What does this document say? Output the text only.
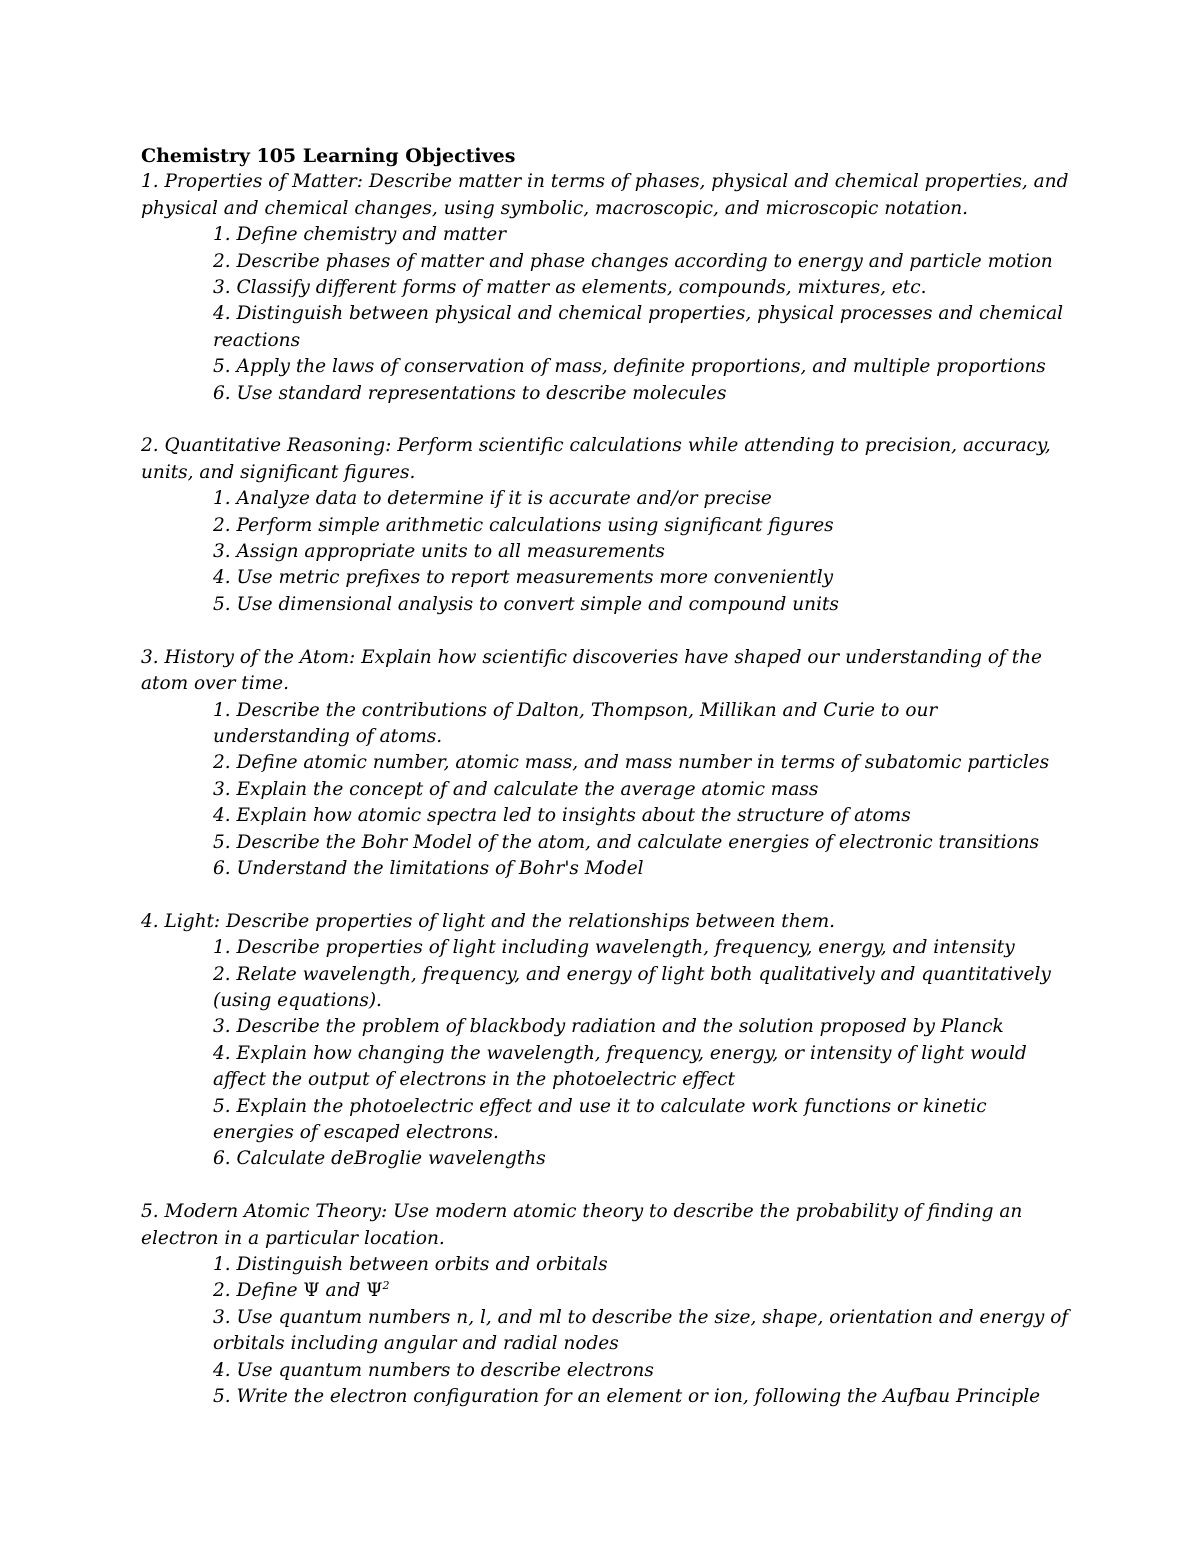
Chemistry 105 Learning Objectives
1. Properties of Matter: Describe matter in terms of phases, physical and chemical properties, and physical and chemical changes, using symbolic, macroscopic, and microscopic notation.
1. Define chemistry and matter
2. Describe phases of matter and phase changes according to energy and particle motion
3. Classify different forms of matter as elements, compounds, mixtures, etc.
4. Distinguish between physical and chemical properties, physical processes and chemical reactions
5. Apply the laws of conservation of mass, definite proportions, and multiple proportions
6. Use standard representations to describe molecules
2. Quantitative Reasoning: Perform scientific calculations while attending to precision, accuracy, units, and significant figures.
1. Analyze data to determine if it is accurate and/or precise
2. Perform simple arithmetic calculations using significant figures
3. Assign appropriate units to all measurements
4. Use metric prefixes to report measurements more conveniently
5. Use dimensional analysis to convert simple and compound units
3. History of the Atom: Explain how scientific discoveries have shaped our understanding of the atom over time.
1. Describe the contributions of Dalton, Thompson, Millikan and Curie to our understanding of atoms.
2. Define atomic number, atomic mass, and mass number in terms of subatomic particles
3. Explain the concept of and calculate the average atomic mass
4. Explain how atomic spectra led to insights about the structure of atoms
5. Describe the Bohr Model of the atom, and calculate energies of electronic transitions
6. Understand the limitations of Bohr's Model
4. Light: Describe properties of light and the relationships between them.
1. Describe properties of light including wavelength, frequency, energy, and intensity
2. Relate wavelength, frequency, and energy of light both qualitatively and quantitatively (using equations).
3. Describe the problem of blackbody radiation and the solution proposed by Planck
4. Explain how changing the wavelength, frequency, energy, or intensity of light would affect the output of electrons in the photoelectric effect
5. Explain the photoelectric effect and use it to calculate work functions or kinetic energies of escaped electrons.
6. Calculate deBroglie wavelengths
5. Modern Atomic Theory: Use modern atomic theory to describe the probability of finding an electron in a particular location.
1. Distinguish between orbits and orbitals
2. Define Ψ and $\Psi^2$
3. Use quantum numbers n, l, and ml to describe the size, shape, orientation and energy of orbitals including angular and radial nodes
4. Use quantum numbers to describe electrons
5. Write the electron configuration for an element or ion, following the Aufbau Principle
